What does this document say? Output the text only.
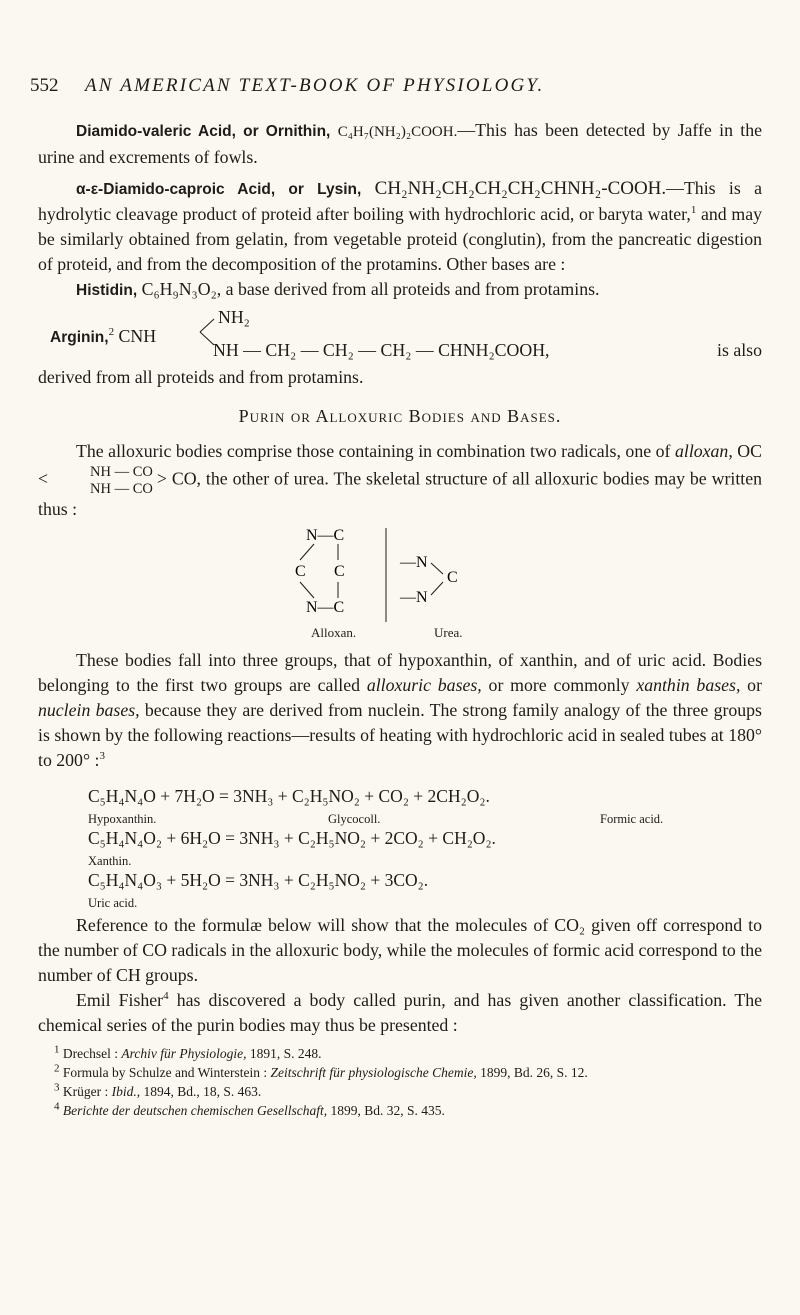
552 AN AMERICAN TEXT-BOOK OF PHYSIOLOGY.

Diamido-valeric Acid, or Ornithin, C₄H₇(NH₂)₂COOH.—This has been detected by Jaffe in the urine and excrements of fowls.

α-ε-Diamido-caproic Acid, or Lysin, CH₂NH₂CH₂CH₂CH₂CHNH₂-COOH.—This is a hydrolytic cleavage product of proteid after boiling with hydrochloric acid, or baryta water,$^1$ and may be similarly obtained from gelatin, from vegetable proteid (conglutin), from the pancreatic digestion of proteid, and from the decomposition of the protamins. Other bases are :

Histidin, C₆H₉N₃O₂, a base derived from all proteids and from protamins.

Arginin,$^2$ CNH
NH₂
NH — CH₂ — CH₂ — CH₂ — CHNH₂COOH,	is also

derived from all proteids and from protamins.

Purin or Alloxuric Bodies and Bases.

The alloxuric bodies comprise those containing in combination two radicals, one of alloxan, OC <	NH — CO
NH — CO
> CO, the other of urea. The skeletal structure of all alloxuric bodies may be written thus :

N—C
C C
N—C
—N
C
—N
Alloxan.	Urea.

These bodies fall into three groups, that of hypoxanthin, of xanthin, and of uric acid. Bodies belonging to the first two groups are called alloxuric bases, or more commonly xanthin bases, or nuclein bases, because they are derived from nuclein. The strong family analogy of the three groups is shown by the following reactions—results of heating with hydrochloric acid in sealed tubes at 180° to 200° :$^3$

C₅H₄N₄O + 7H₂O = 3NH₃ + C₂H₅NO₂ + CO₂ + 2CH₂O₂.
Hypoxanthin.	Glycocoll.	Formic acid.
C₅H₄N₄O₂ + 6H₂O = 3NH₃ + C₂H₅NO₂ + 2CO₂ + CH₂O₂.
Xanthin.
C₅H₄N₄O₃ + 5H₂O = 3NH₃ + C₂H₅NO₂ + 3CO₂.
Uric acid.

Reference to the formulæ below will show that the molecules of CO₂ given off correspond to the number of CO radicals in the alloxuric body, while the molecules of formic acid correspond to the number of CH groups.

Emil Fisher$^4$ has discovered a body called purin, and has given another classification. The chemical series of the purin bodies may thus be presented :

$^1$ Drechsel : Archiv für Physiologie, 1891, S. 248.

$^2$ Formula by Schulze and Winterstein : Zeitschrift für physiologische Chemie, 1899, Bd. 26, S. 12.

$^3$ Krüger : Ibid., 1894, Bd., 18, S. 463.

$^4$ Berichte der deutschen chemischen Gesellschaft, 1899, Bd. 32, S. 435.
